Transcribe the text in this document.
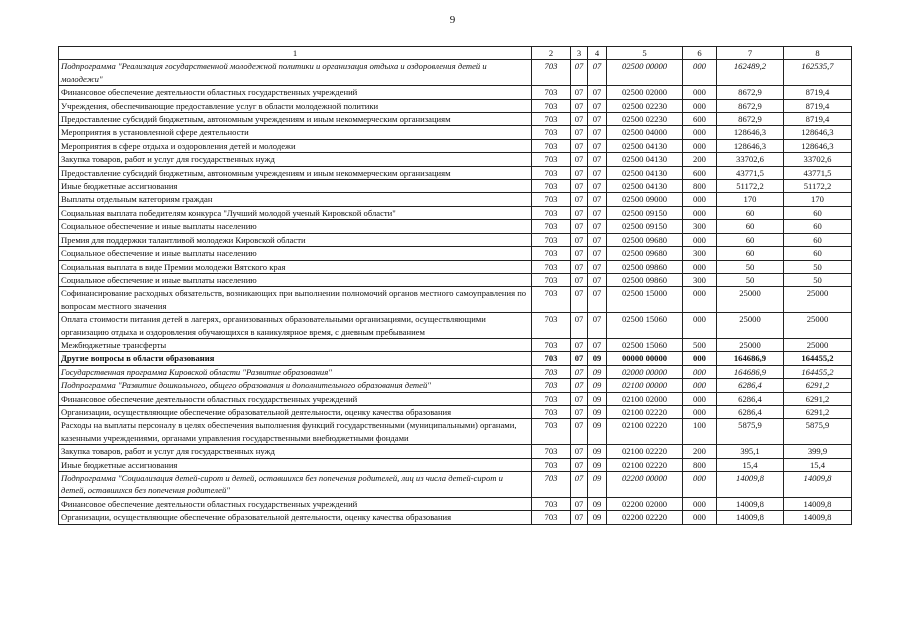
9
1	2	3	4	5	6	7	8
Подпрограмма "Реализация государственной молодежной политики и организация отдыха и оздоровления детей и молодежи"	703	07	07	02500 00000	000	162489,2	162535,7
Финансовое обеспечение деятельности областных государственных учреждений	703	07	07	02500 02000	000	8672,9	8719,4
Учреждения, обеспечивающие предоставление услуг в области молодежной политики	703	07	07	02500 02230	000	8672,9	8719,4
Предоставление субсидий бюджетным, автономным учреждениям и иным некоммерческим организациям	703	07	07	02500 02230	600	8672,9	8719,4
Мероприятия в установленной сфере деятельности	703	07	07	02500 04000	000	128646,3	128646,3
Мероприятия в сфере отдыха и оздоровления детей и молодежи	703	07	07	02500 04130	000	128646,3	128646,3
Закупка товаров, работ и услуг для государственных нужд	703	07	07	02500 04130	200	33702,6	33702,6
Предоставление субсидий бюджетным, автономным учреждениям и иным некоммерческим организациям	703	07	07	02500 04130	600	43771,5	43771,5
Иные бюджетные ассигнования	703	07	07	02500 04130	800	51172,2	51172,2
Выплаты отдельным категориям граждан	703	07	07	02500 09000	000	170	170
Социальная выплата победителям конкурса "Лучший молодой ученый Кировской области"	703	07	07	02500 09150	000	60	60
Социальное обеспечение и иные выплаты населению	703	07	07	02500 09150	300	60	60
Премия для поддержки талантливой молодежи Кировской области	703	07	07	02500 09680	000	60	60
Социальное обеспечение и иные выплаты населению	703	07	07	02500 09680	300	60	60
Социальная выплата в виде Премии молодежи Вятского края	703	07	07	02500 09860	000	50	50
Социальное обеспечение и иные выплаты населению	703	07	07	02500 09860	300	50	50
Софинансирование расходных обязательств, возникающих при выполнении полномочий органов местного самоуправления по вопросам местного значения	703	07	07	02500 15000	000	25000	25000
Оплата стоимости питания детей в лагерях, организованных образовательными организациями, осуществляющими организацию отдыха и оздоровления обучающихся в каникулярное время, с дневным пребыванием	703	07	07	02500 15060	000	25000	25000
Межбюджетные трансферты	703	07	07	02500 15060	500	25000	25000
Другие вопросы в области образования	703	07	09	00000 00000	000	164686,9	164455,2
Государственная программа Кировской области "Развитие образования"	703	07	09	02000 00000	000	164686,9	164455,2
Подпрограмма "Развитие дошкольного, общего образования и дополнительного образования детей"	703	07	09	02100 00000	000	6286,4	6291,2
Финансовое обеспечение деятельности областных государственных учреждений	703	07	09	02100 02000	000	6286,4	6291,2
Организации, осуществляющие обеспечение образовательной деятельности, оценку качества образования	703	07	09	02100 02220	000	6286,4	6291,2
Расходы на выплаты персоналу в целях обеспечения выполнения функций государственными (муниципальными) органами, казенными учреждениями, органами управления государственными внебюджетными фондами	703	07	09	02100 02220	100	5875,9	5875,9
Закупка товаров, работ и услуг для государственных нужд	703	07	09	02100 02220	200	395,1	399,9
Иные бюджетные ассигнования	703	07	09	02100 02220	800	15,4	15,4
Подпрограмма "Социализация детей-сирот и детей, оставшихся без попечения родителей, лиц из числа детей-сирот и детей, оставшихся без попечения родителей"	703	07	09	02200 00000	000	14009,8	14009,8
Финансовое обеспечение деятельности областных государственных учреждений	703	07	09	02200 02000	000	14009,8	14009,8
Организации, осуществляющие обеспечение образовательной деятельности, оценку качества образования	703	07	09	02200 02220	000	14009,8	14009,8
